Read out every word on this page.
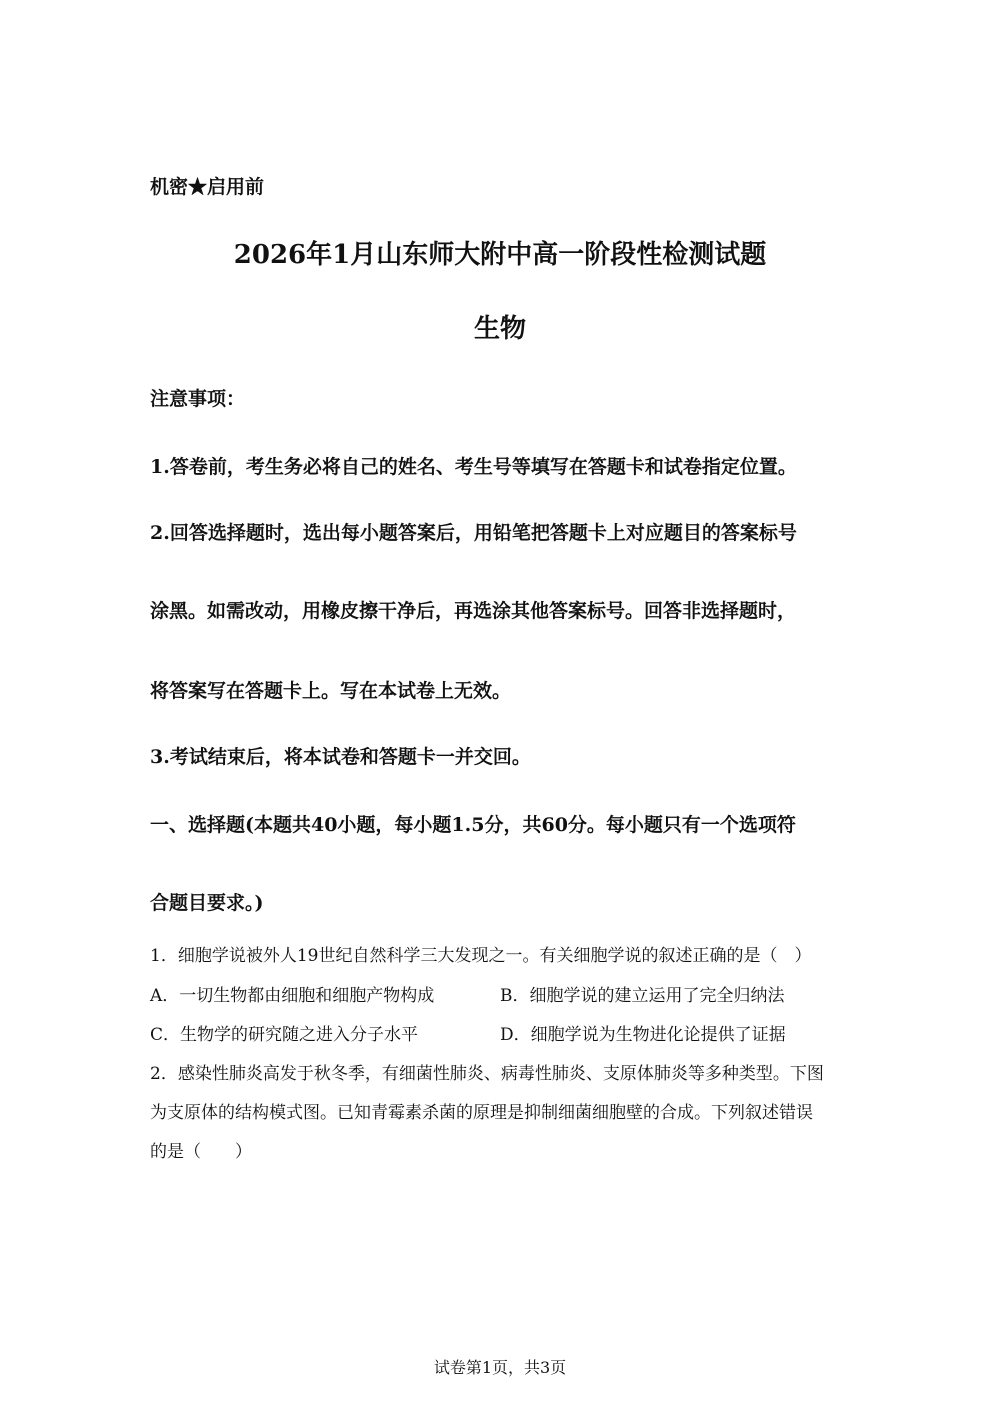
机密★启用前
2026年1月山东师大附中高一阶段性检测试题
生物
注意事项：
1.答卷前，考生务必将自己的姓名、考生号等填写在答题卡和试卷指定位置。
2.回答选择题时，选出每小题答案后，用铅笔把答题卡上对应题目的答案标号
涂黑。如需改动，用橡皮擦干净后，再选涂其他答案标号。回答非选择题时，
将答案写在答题卡上。写在本试卷上无效。
3.考试结束后，将本试卷和答题卡一并交回。
一、选择题(本题共40小题，每小题1.5分，共60分。每小题只有一个选项符
合题目要求。)
1．细胞学说被外人19世纪自然科学三大发现之一。有关细胞学说的叙述正确的是（　）
A．一切生物都由细胞和细胞产物构成	B．细胞学说的建立运用了完全归纳法
C．生物学的研究随之进入分子水平	D．细胞学说为生物进化论提供了证据
2．感染性肺炎高发于秋冬季，有细菌性肺炎、病毒性肺炎、支原体肺炎等多种类型。下图
为支原体的结构模式图。已知青霉素杀菌的原理是抑制细菌细胞壁的合成。下列叙述错误
的是（　　）
试卷第1页，共3页
